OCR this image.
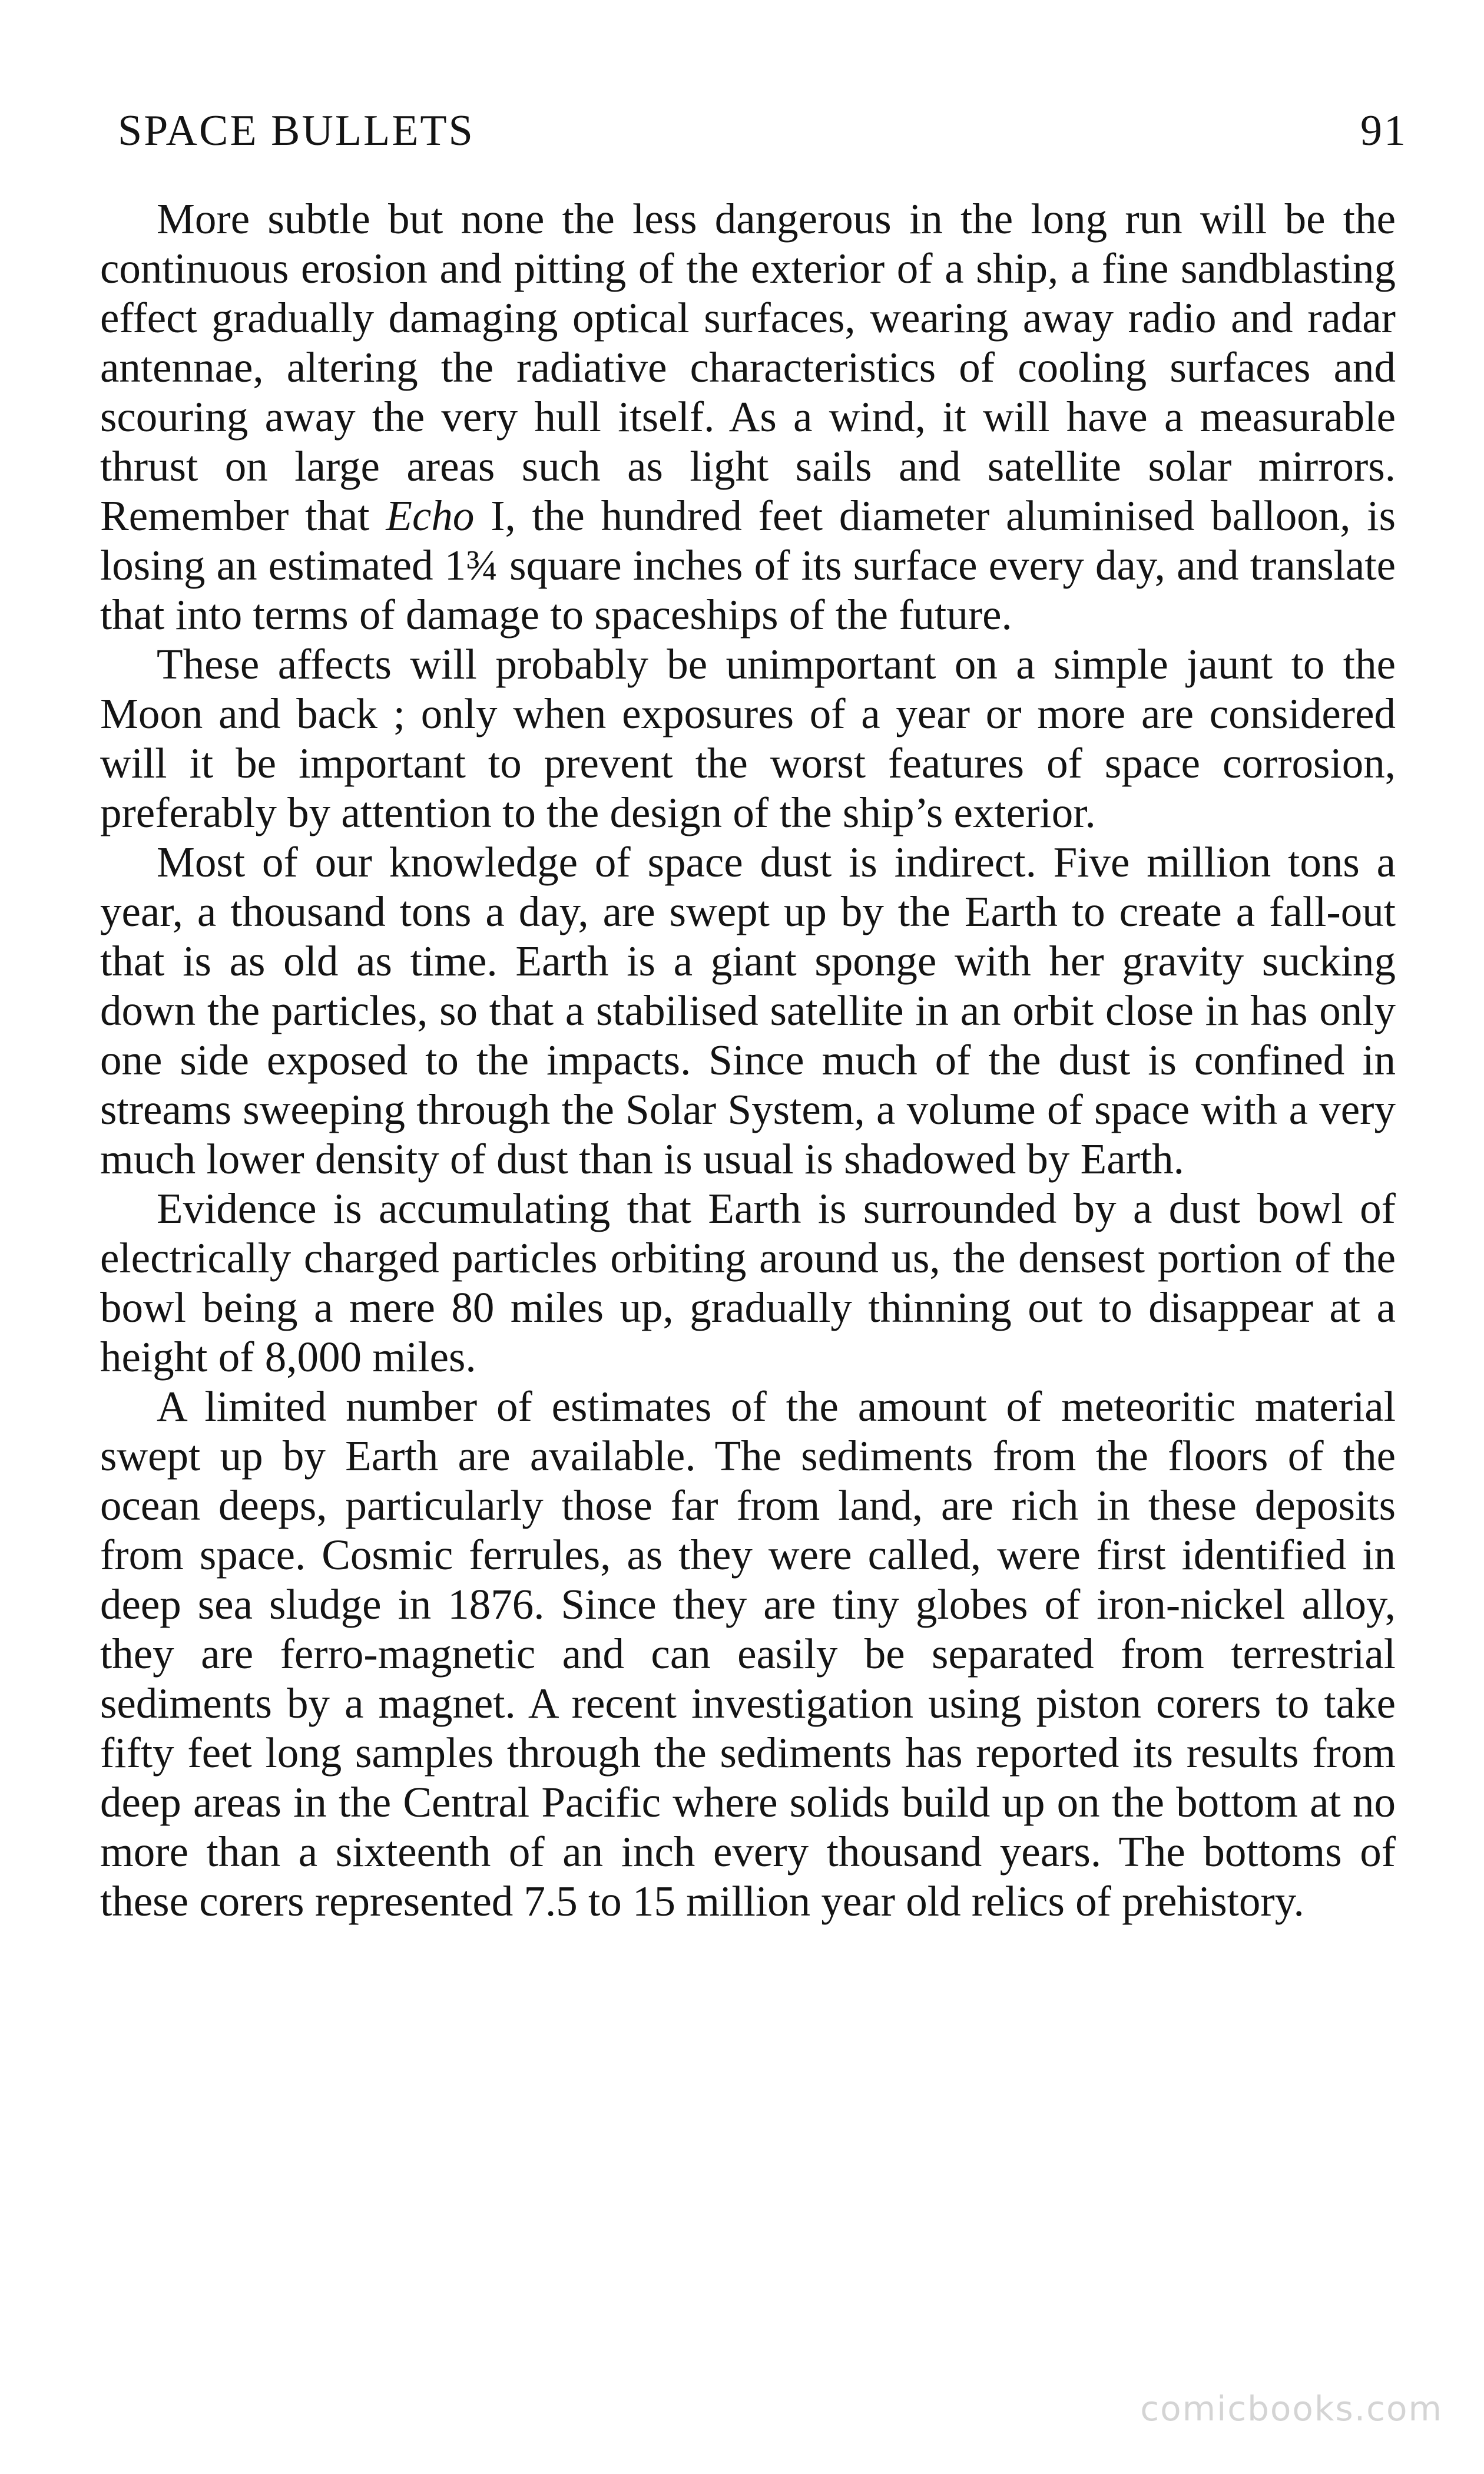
SPACE BULLETS	91

More subtle but none the less dangerous in the long run will be the continuous erosion and pitting of the exterior of a ship, a fine sandblasting effect gradually damaging optical surfaces, wearing away radio and radar antennae, altering the radiative characteristics of cooling surfaces and scouring away the very hull itself. As a wind, it will have a measurable thrust on large areas such as light sails and satellite solar mirrors. Remember that Echo I, the hundred feet diameter aluminised balloon, is losing an estimated 1¾ square inches of its surface every day, and translate that into terms of damage to spaceships of the future.

These affects will probably be unimportant on a simple jaunt to the Moon and back ; only when exposures of a year or more are considered will it be important to prevent the worst features of space corrosion, preferably by attention to the design of the ship’s exterior.

Most of our knowledge of space dust is indirect. Five million tons a year, a thousand tons a day, are swept up by the Earth to create a fall-out that is as old as time. Earth is a giant sponge with her gravity sucking down the particles, so that a stabilised satellite in an orbit close in has only one side exposed to the impacts. Since much of the dust is confined in streams sweeping through the Solar System, a volume of space with a very much lower density of dust than is usual is shadowed by Earth.

Evidence is accumulating that Earth is surrounded by a dust bowl of electrically charged particles orbiting around us, the densest portion of the bowl being a mere 80 miles up, gradually thinning out to disappear at a height of 8,000 miles.

A limited number of estimates of the amount of meteoritic material swept up by Earth are available. The sediments from the floors of the ocean deeps, particularly those far from land, are rich in these deposits from space. Cosmic ferrules, as they were called, were first identified in deep sea sludge in 1876. Since they are tiny globes of iron-nickel alloy, they are ferro-magnetic and can easily be separated from terrestrial sediments by a magnet. A recent investigation using piston corers to take fifty feet long samples through the sediments has reported its results from deep areas in the Central Pacific where solids build up on the bottom at no more than a sixteenth of an inch every thousand years. The bottoms of these corers represented 7.5 to 15 million year old relics of prehistory.

comicbooks.com
